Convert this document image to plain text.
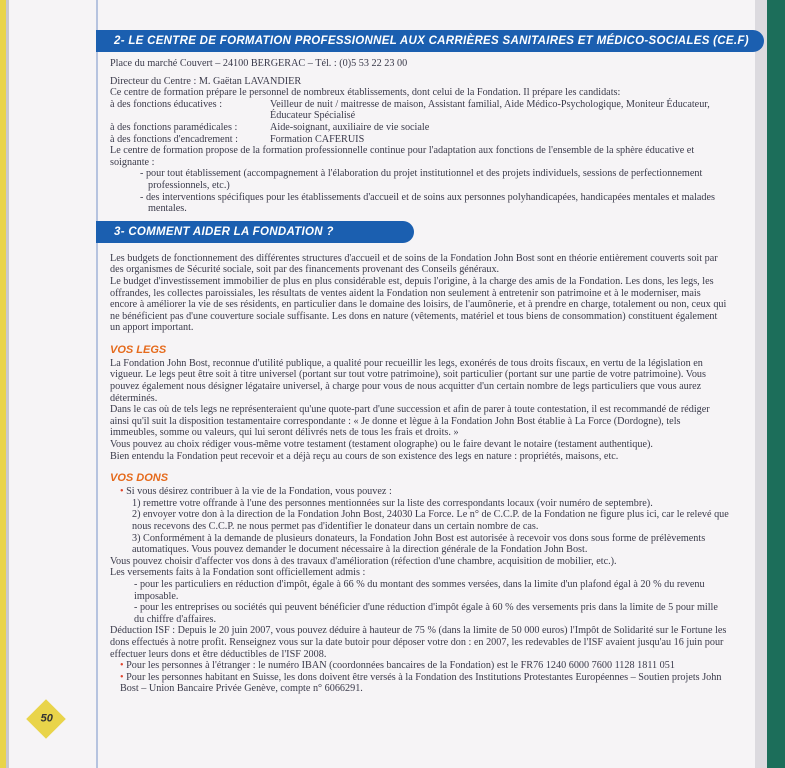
2- LE CENTRE DE FORMATION PROFESSIONNEL AUX CARRIÈRES SANITAIRES ET MÉDICO-SOCIALES (CE.F)

Place du marché Couvert – 24100 BERGERAC – Tél. : (0)5 53 22 23 00

Directeur du Centre : M. Gaëtan LAVANDIER

Ce centre de formation prépare le personnel de nombreux établissements, dont celui de la Fondation. Il prépare les candidats:

à des fonctions éducatives :	Veilleur de nuit / maitresse de maison, Assistant familial, Aide Médico-Psychologique, Moniteur Éducateur, Éducateur Spécialisé
à des fonctions paramédicales :	Aide-soignant, auxiliaire de vie sociale
à des fonctions d'encadrement :	Formation CAFERUIS

Le centre de formation propose de la formation professionnelle continue pour l'adaptation aux fonctions de l'ensemble de la sphère éducative et soignante :

- pour tout établissement (accompagnement à l'élaboration du projet institutionnel et des projets individuels, sessions de perfectionnement professionnels, etc.)

- des interventions spécifiques pour les établissements d'accueil et de soins aux personnes polyhandicapées, handicapées mentales et malades mentales.

3- COMMENT AIDER LA FONDATION ?

Les budgets de fonctionnement des différentes structures d'accueil et de soins de la Fondation John Bost sont en théorie entièrement couverts soit par des organismes de Sécurité sociale, soit par des financements provenant des Conseils généraux.

Le budget d'investissement immobilier de plus en plus considérable est, depuis l'origine, à la charge des amis de la Fondation. Les dons, les legs, les offrandes, les collectes paroissiales, les résultats de ventes aident la Fondation non seulement à entretenir son patrimoine et à le moderniser, mais encore à améliorer la vie de ses résidents, en particulier dans le domaine des loisirs, de l'aumônerie, et à prendre en charge, totalement ou non, ceux qui ne bénéficient pas d'une couverture sociale suffisante. Les dons en nature (vêtements, matériel et tous biens de consommation) constituent également un apport important.

VOS LEGS

La Fondation John Bost, reconnue d'utilité publique, a qualité pour recueillir les legs, exonérés de tous droits fiscaux, en vertu de la législation en vigueur. Le legs peut être soit à titre universel (portant sur tout votre patrimoine), soit particulier (portant sur une partie de votre patrimoine). Vous pouvez également nous désigner légataire universel, à charge pour vous de nous acquitter d'un certain nombre de legs particuliers que vous aurez déterminés.

Dans le cas où de tels legs ne représenteraient qu'une quote-part d'une succession et afin de parer à toute contestation, il est recommandé de rédiger ainsi qu'il suit la disposition testamentaire correspondante : « Je donne et lègue à la Fondation John Bost établie à La Force (Dordogne), tels immeubles, somme ou valeurs, qui lui seront délivrés nets de tous les frais et droits. »

Vous pouvez au choix rédiger vous-même votre testament (testament olographe) ou le faire devant le notaire (testament authentique).

Bien entendu la Fondation peut recevoir et a déjà reçu au cours de son existence des legs en nature : propriétés, maisons, etc.

VOS DONS

• Si vous désirez contribuer à la vie de la Fondation, vous pouvez :

1) remettre votre offrande à l'une des personnes mentionnées sur la liste des correspondants locaux (voir numéro de septembre).

2) envoyer votre don à la direction de la Fondation John Bost, 24030 La Force. Le n° de C.C.P. de la Fondation ne figure plus ici, car le relevé que nous recevons des C.C.P. ne nous permet pas d'identifier le donateur dans un certain nombre de cas.

3) Conformément à la demande de plusieurs donateurs, la Fondation John Bost est autorisée à recevoir vos dons sous forme de prélèvements automatiques. Vous pouvez demander le document nécessaire à la direction générale de la Fondation John Bost.

Vous pouvez choisir d'affecter vos dons à des travaux d'amélioration (réfection d'une chambre, acquisition de mobilier, etc.).

Les versements faits à la Fondation sont officiellement admis :

- pour les particuliers en réduction d'impôt, égale à 66 % du montant des sommes versées, dans la limite d'un plafond égal à 20 % du revenu imposable.

- pour les entreprises ou sociétés qui peuvent bénéficier d'une réduction d'impôt égale à 60 % des versements pris dans la limite de 5 pour mille du chiffre d'affaires.

Déduction ISF : Depuis le 20 juin 2007, vous pouvez déduire à hauteur de 75 % (dans la limite de 50 000 euros) l'Impôt de Solidarité sur le Fortune les dons effectués à notre profit. Renseignez vous sur la date butoir pour déposer votre don : en 2007, les redevables de l'ISF avaient jusqu'au 16 juin pour effectuer leurs dons et être déductibles de l'ISF 2008.

• Pour les personnes à l'étranger : le numéro IBAN (coordonnées bancaires de la Fondation) est le FR76 1240 6000 7600 1128 1811 051

• Pour les personnes habitant en Suisse, les dons doivent être versés à la Fondation des Institutions Protestantes Européennes – Soutien projets John Bost – Union Bancaire Privée Genève, compte n° 6066291.

50
